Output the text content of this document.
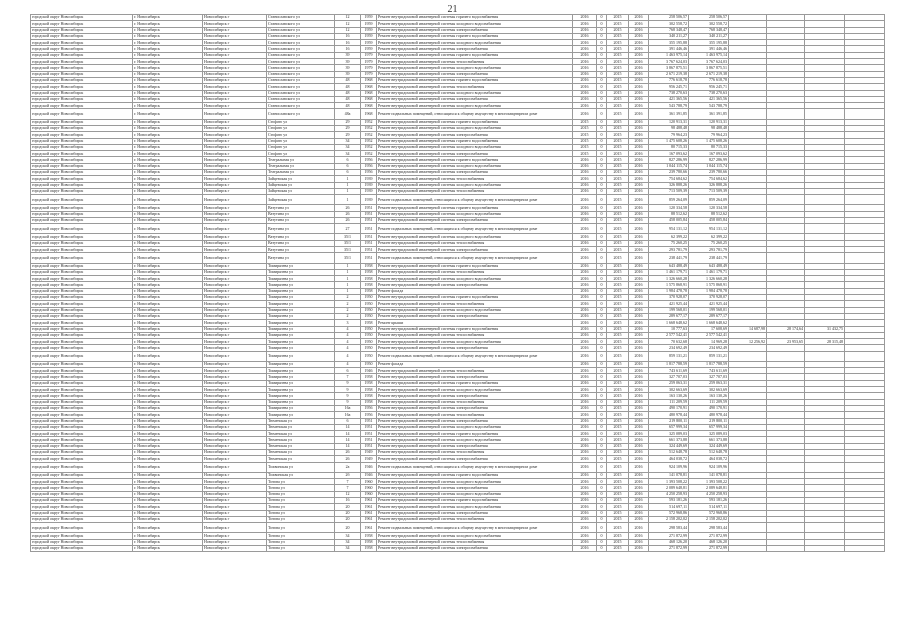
21
городской округ Новосибирск	г. Новосибирск	Новосибирск г	Станиславского ул	12	1959	Ремонт внутридомовой инженерной системы горячего водоснабжения	2016	0	2015	2016	258 506,57	258 506,57				
городской округ Новосибирск	г. Новосибирск	Новосибирск г	Станиславского ул	12	1959	Ремонт внутридомовой инженерной системы холодного водоснабжения	2016	0	2015	2016	302 558,72	302 558,72				
городской округ Новосибирск	г. Новосибирск	Новосибирск г	Станиславского ул	12	1959	Ремонт внутридомовой инженерной системы электроснабжения	2016	0	2015	2016	768 348,47	768 348,47				
городской округ Новосибирск	г. Новосибирск	Новосибирск г	Станиславского ул	16	1959	Ремонт внутридомовой инженерной системы горячего водоснабжения	2016	0	2015	2016	340 211,27	340 211,27				
городской округ Новосибирск	г. Новосибирск	Новосибирск г	Станиславского ул	16	1959	Ремонт внутридомовой инженерной системы холодного водоснабжения	2016	0	2015	2016	355 195,88	355 195,88				
городской округ Новосибирск	г. Новосибирск	Новосибирск г	Станиславского ул	16	1959	Ремонт внутридомовой инженерной системы электроснабжения	2016	0	2015	2016	391 446,46	391 446,46				
городской округ Новосибирск	г. Новосибирск	Новосибирск г	Станиславского ул	39	1979	Ремонт внутридомовой инженерной системы горячего водоснабжения	2016	0	2015	2016	1 463 975,14	1 463 975,14				
городской округ Новосибирск	г. Новосибирск	Новосибирск г	Станиславского ул	39	1979	Ремонт внутридомовой инженерной системы теплоснабжения	2016	0	2015	2016	3 767 624,03	3 767 624,03				
городской округ Новосибирск	г. Новосибирск	Новосибирск г	Станиславского ул	39	1979	Ремонт внутридомовой инженерной системы холодного водоснабжения	2016	0	2015	2016	3 867 875,51	3 867 875,51				
городской округ Новосибирск	г. Новосибирск	Новосибирск г	Станиславского ул	39	1979	Ремонт внутридомовой инженерной системы электроснабжения	2016	0	2015	2016	2 671 219,38	2 671 219,38				
городской округ Новосибирск	г. Новосибирск	Новосибирск г	Станиславского ул	48	1968	Ремонт внутридомовой инженерной системы горячего водоснабжения	2016	0	2015	2016	776 618,78	776 618,78				
городской округ Новосибирск	г. Новосибирск	Новосибирск г	Станиславского ул	48	1968	Ремонт внутридомовой инженерной системы теплоснабжения	2016	0	2015	2016	956 245,71	956 245,71				
городской округ Новосибирск	г. Новосибирск	Новосибирск г	Станиславского ул	48	1968	Ремонт внутридомовой инженерной системы холодного водоснабжения	2016	0	2015	2016	738 270,63	738 270,63				
городской округ Новосибирск	г. Новосибирск	Новосибирск г	Станиславского ул	48	1968	Ремонт внутридомовой инженерной системы электроснабжения	2016	0	2015	2016	421 365,56	421 365,56				
городской округ Новосибирск	г. Новосибирск	Новосибирск г	Станиславского ул	48	1968	Ремонт внутридомовой инженерной системы холодного водоснабжения	2016	0	2015	2016	543 788,79	543 788,79				
городской округ Новосибирск	г. Новосибирск	Новосибирск г	Станиславского ул	48а	1968	Ремонт подвальных помещений, относящихся к общему имуществу в многоквартирном доме	2016	0	2015	2016	361 391,85	361 391,85				
городской округ Новосибирск	г. Новосибирск	Новосибирск г	Стофато ул	29	1952	Ремонт внутридомовой инженерной системы горячего водоснабжения	2015	0	2015	2016	120 913,31	120 913,31				
городской округ Новосибирск	г. Новосибирск	Новосибирск г	Стофато ул	29	1952	Ремонт внутридомовой инженерной системы холодного водоснабжения	2015	0	2015	2016	98 488,48	98 488,48				
городской округ Новосибирск	г. Новосибирск	Новосибирск г	Стофато ул	29	1952	Ремонт внутридомовой инженерной системы электроснабжения	2015	0	2015	2016	79 964,23	79 964,23				
городской округ Новосибирск	г. Новосибирск	Новосибирск г	Стофато ул	34	1952	Ремонт внутридомовой инженерной системы горячего водоснабжения	2015	0	2015	2016	1 475 608,26	1 475 608,26				
городской округ Новосибирск	г. Новосибирск	Новосибирск г	Стофато ул	34	1952	Ремонт внутридомовой инженерной системы холодного водоснабжения	2015	0	2015	2016	80 715,33	80 715,33				
городской округ Новосибирск	г. Новосибирск	Новосибирск г	Стофато ул	34	1952	Ремонт внутридомовой инженерной системы электроснабжения	2015	0	2015	2016	167 093,62	167 093,62				
городской округ Новосибирск	г. Новосибирск	Новосибирск г	Театральная ул	6	1956	Ремонт внутридомовой инженерной системы горячего водоснабжения	2016	0	2015	2016	827 286,99	827 286,99				
городской округ Новосибирск	г. Новосибирск	Новосибирск г	Театральная ул	6	1956	Ремонт внутридомовой инженерной системы холодного водоснабжения	2016	0	2015	2016	1 044 115,74	1 044 115,74				
городской округ Новосибирск	г. Новосибирск	Новосибирск г	Театральная ул	6	1956	Ремонт внутридомовой инженерной системы электроснабжения	2016	0	2015	2016	239 780,66	239 780,66				
городской округ Новосибирск	г. Новосибирск	Новосибирск г	Зайцевская ул	1	1939	Ремонт внутридомовой инженерной системы теплоснабжения	2016	0	2015	2016	754 684,62	754 684,62				
городской округ Новосибирск	г. Новосибирск	Новосибирск г	Зайцевская ул	1	1939	Ремонт внутридомовой инженерной системы холодного водоснабжения	2016	0	2015	2016	326 888,26	326 888,26				
городской округ Новосибирск	г. Новосибирск	Новосибирск г	Зайцевская ул	1	1939	Ремонт внутридомовой инженерной системы теплоснабжения	2016	0	2015	2016	713 509,39	713 509,39				
городской округ Новосибирск	г. Новосибирск	Новосибирск г	Зайцевская ул	1	1939	Ремонт подвальных помещений, относящихся к общему имуществу в многоквартирном доме	2016	0	2015	2016	859 264,09	859 264,09				
городской округ Новосибирск	г. Новосибирск	Новосибирск г	Ватутина ул	26	1951	Ремонт внутридомовой инженерной системы горячего водоснабжения	2016	0	2015	2016	120 334,58	120 334,58				
городской округ Новосибирск	г. Новосибирск	Новосибирск г	Ватутина ул	26	1951	Ремонт внутридомовой инженерной системы холодного водоснабжения	2016	0	2015	2016	88 512,62	88 512,62				
городской округ Новосибирск	г. Новосибирск	Новосибирск г	Ватутина ул	26	1951	Ремонт внутридомовой инженерной системы электроснабжения	2016	0	2015	2016	458 005,84	458 005,84				
городской округ Новосибирск	г. Новосибирск	Новосибирск г	Ватутина ул	27	1951	Ремонт подвальных помещений, относящихся к общему имуществу в многоквартирном доме	2016	0	2015	2016	954 131,12	954 131,12				
городской округ Новосибирск	г. Новосибирск	Новосибирск г	Ватутина ул	35/1	1951	Ремонт внутридомовой инженерной системы холодного водоснабжения	2016	0	2015	2016	62 399,22	62 399,22				
городской округ Новосибирск	г. Новосибирск	Новосибирск г	Ватутина ул	35/1	1951	Ремонт внутридомовой инженерной системы теплоснабжения	2016	0	2015	2016	75 260,25	75 260,25				
городской округ Новосибирск	г. Новосибирск	Новосибирск г	Ватутина ул	35/1	1951	Ремонт внутридомовой инженерной системы электроснабжения	2016	0	2015	2016	293 781,79	293 781,79				
городской округ Новосибирск	г. Новосибирск	Новосибирск г	Ватутина ул	35/1	1951	Ремонт подвальных помещений, относящихся к общему имуществу в многоквартирном доме	2016	0	2015	2016	238 441,79	238 441,79				
городской округ Новосибирск	г. Новосибирск	Новосибирск г	Тимирязева ул	1	1958	Ремонт внутридомовой инженерной системы горячего водоснабжения	2016	0	2015	2016	643 488,49	643 488,49				
городской округ Новосибирск	г. Новосибирск	Новосибирск г	Тимирязева ул	1	1958	Ремонт внутридомовой инженерной системы теплоснабжения	2016	0	2015	2016	1 461 179,71	1 461 179,71				
городской округ Новосибирск	г. Новосибирск	Новосибирск г	Тимирязева ул	1	1958	Ремонт внутридомовой инженерной системы холодного водоснабжения	2016	0	2015	2016	1 326 660,28	1 326 660,28				
городской округ Новосибирск	г. Новосибирск	Новосибирск г	Тимирязева ул	1	1958	Ремонт внутридомовой инженерной системы электроснабжения	2016	0	2015	2016	1 575 868,91	1 575 868,91				
городской округ Новосибирск	г. Новосибирск	Новосибирск г	Тимирязева ул	1	1958	Ремонт фасада	2016	0	2015	2016	1 984 478,78	1 984 478,78				
городской округ Новосибирск	г. Новосибирск	Новосибирск г	Тимирязева ул	2	1950	Ремонт внутридомовой инженерной системы горячего водоснабжения	2016	0	2015	2016	370 928,07	370 928,07				
городской округ Новосибирск	г. Новосибирск	Новосибирск г	Тимирязева ул	2	1950	Ремонт внутридомовой инженерной системы теплоснабжения	2016	0	2015	2016	421 925,44	421 925,44				
городской округ Новосибирск	г. Новосибирск	Новосибирск г	Тимирязева ул	2	1950	Ремонт внутридомовой инженерной системы холодного водоснабжения	2016	0	2015	2016	199 568,01	199 568,01				
городской округ Новосибирск	г. Новосибирск	Новосибирск г	Тимирязева ул	2	1950	Ремонт внутридомовой инженерной системы электроснабжения	2016	0	2015	2016	289 677,17	289 677,17				
городской округ Новосибирск	г. Новосибирск	Новосибирск г	Тимирязева ул	3	1958	Ремонт крыши	2016	0	2015	2016	1 668 648,62	1 668 648,62				
городской округ Новосибирск	г. Новосибирск	Новосибирск г	Тимирязева ул	4	1950	Ремонт внутридомовой инженерной системы горячего водоснабжения	2016	0	2015	2016	10 777,63	17 608,69	14 687,98	28 174,64	31 432,75	
городской округ Новосибирск	г. Новосибирск	Новосибирск г	Тимирязева ул	4	1950	Ремонт внутридомовой инженерной системы теплоснабжения	2016	0	2015	2016	2 577 542,41	2 577 542,41				
городской округ Новосибирск	г. Новосибирск	Новосибирск г	Тимирязева ул	4	1950	Ремонт внутридомовой инженерной системы холодного водоснабжения	2016	0	2015	2016	70 632,68	14 969,28	12 256,92	23 953,65	28 315,48	
городской округ Новосибирск	г. Новосибирск	Новосибирск г	Тимирязева ул	4	1950	Ремонт внутридомовой инженерной системы электроснабжения	2016	0	2015	2016	234 692,49	234 692,49				
городской округ Новосибирск	г. Новосибирск	Новосибирск г	Тимирязева ул	4	1950	Ремонт подвальных помещений, относящихся к общему имуществу в многоквартирном доме	2016	0	2015	2016	859 131,21	859 131,21				
городской округ Новосибирск	г. Новосибирск	Новосибирск г	Тимирязева ул	4	1950	Ремонт фасада	2016	0	2015	2016	1 817 788,59	1 817 788,59				
городской округ Новосибирск	г. Новосибирск	Новосибирск г	Тимирязева ул	6	1946	Ремонт внутридомовой инженерной системы теплоснабжения	2016	0	2015	2016	743 611,69	743 611,69				
городской округ Новосибирск	г. Новосибирск	Новосибирск г	Тимирязева ул	7	1958	Ремонт внутридомовой инженерной системы электроснабжения	2016	0	2015	2016	327 707,03	327 707,03				
городской округ Новосибирск	г. Новосибирск	Новосибирск г	Тимирязева ул	9	1958	Ремонт внутридомовой инженерной системы горячего водоснабжения	2016	0	2015	2016	259 063,31	259 063,31				
городской округ Новосибирск	г. Новосибирск	Новосибирск г	Тимирязева ул	9	1958	Ремонт внутридомовой инженерной системы холодного водоснабжения	2016	0	2015	2016	302 663,69	302 663,69				
городской округ Новосибирск	г. Новосибирск	Новосибирск г	Тимирязева ул	9	1958	Ремонт внутридомовой инженерной системы электроснабжения	2016	0	2015	2016	163 130,26	163 130,26				
городской округ Новосибирск	г. Новосибирск	Новосибирск г	Тимирязева ул	9	1958	Ремонт внутридомовой инженерной системы теплоснабжения	2016	0	2015	2016	111 209,59	111 209,59				
городской округ Новосибирск	г. Новосибирск	Новосибирск г	Тимирязева ул	16а	1956	Ремонт внутридомовой инженерной системы электроснабжения	2016	0	2015	2016	490 170,91	490 170,91				
городской округ Новосибирск	г. Новосибирск	Новосибирск г	Тимирязева ул	16а	1956	Ремонт внутридомовой инженерной системы теплоснабжения	2016	0	2015	2016	480 978,44	480 978,44				
городской округ Новосибирск	г. Новосибирск	Новосибирск г	Тюменская ул	6	1951	Ремонт внутридомовой инженерной системы электроснабжения	2016	0	2015	2016	219 800,11	219 800,11				
городской округ Новосибирск	г. Новосибирск	Новосибирск г	Тюменская ул	14	1951	Ремонт внутридомовой инженерной системы холодного водоснабжения	2016	0	2015	2016	657 999,34	657 999,34				
городской округ Новосибирск	г. Новосибирск	Новосибирск г	Тюменская ул	14	1951	Ремонт внутридомовой инженерной системы горячего водоснабжения	2016	0	2015	2016	325 089,03	325 089,03				
городской округ Новосибирск	г. Новосибирск	Новосибирск г	Тюменская ул	14	1951	Ремонт внутридомовой инженерной системы холодного водоснабжения	2016	0	2015	2016	661 373,88	661 373,88				
городской округ Новосибирск	г. Новосибирск	Новосибирск г	Тюменская ул	14	1951	Ремонт внутридомовой инженерной системы электроснабжения	2016	0	2015	2016	324 449,69	324 449,69				
городской округ Новосибирск	г. Новосибирск	Новосибирск г	Тюменская ул	26	1949	Ремонт внутридомовой инженерной системы теплоснабжения	2016	0	2015	2016	512 648,78	512 648,78				
городской округ Новосибирск	г. Новосибирск	Новосибирск г	Тюменская ул	26	1949	Ремонт внутридомовой инженерной системы электроснабжения	2016	0	2015	2016	464 038,72	464 038,72				
городской округ Новосибирск	г. Новосибирск	Новосибирск г	Тихвинская ул	2а	1946	Ремонт подвальных помещений, относящихся к общему имуществу в многоквартирном доме	2016	0	2015	2016	924 109,96	924 109,96				
городской округ Новосибирск	г. Новосибирск	Новосибирск г	Тихвинская ул	2б	1946	Ремонт внутридомовой инженерной системы горячего водоснабжения	2016	0	2015	2016	141 078,81	141 078,81				
городской округ Новосибирск	г. Новосибирск	Новосибирск г	Титова ул	7	1960	Ремонт внутридомовой инженерной системы холодного водоснабжения	2016	0	2015	2016	1 393 508,22	1 393 508,22				
городской округ Новосибирск	г. Новосибирск	Новосибирск г	Титова ул	7	1960	Ремонт внутридомовой инженерной системы электроснабжения	2016	0	2015	2016	2 089 648,81	2 089 648,81				
городской округ Новосибирск	г. Новосибирск	Новосибирск г	Титова ул	12	1960	Ремонт внутридомовой инженерной системы холодного водоснабжения	2016	0	2015	2016	4 250 258,93	4 250 258,93				
городской округ Новосибирск	г. Новосибирск	Новосибирск г	Титова ул	16	1961	Ремонт внутридомовой инженерной системы горячего водоснабжения	2016	0	2015	2016	593 181,26	593 181,26				
городской округ Новосибирск	г. Новосибирск	Новосибирск г	Титова ул	20	1961	Ремонт внутридомовой инженерной системы холодного водоснабжения	2016	0	2015	2016	514 697,11	514 697,11				
городской округ Новосибирск	г. Новосибирск	Новосибирск г	Титова ул	20	1961	Ремонт внутридомовой инженерной системы электроснабжения	2016	0	2015	2016	572 968,86	572 968,86				
городской округ Новосибирск	г. Новосибирск	Новосибирск г	Титова ул	20	1961	Ремонт внутридомовой инженерной системы теплоснабжения	2016	0	2015	2016	2 158 202,02	2 158 202,02				
городской округ Новосибирск	г. Новосибирск	Новосибирск г	Титова ул	20	1961	Ремонт подвальных помещений, относящихся к общему имуществу в многоквартирном доме	2016	0	2015	2016	298 583,44	298 583,44				
городской округ Новосибирск	г. Новосибирск	Новосибирск г	Титова ул	34	1958	Ремонт внутридомовой инженерной системы холодного водоснабжения	2016	0	2015	2016	271 872,99	271 872,99				
городской округ Новосибирск	г. Новосибирск	Новосибирск г	Титова ул	34	1958	Ремонт внутридомовой инженерной системы теплоснабжения	2016	0	2015	2016	468 126,20	468 126,20				
городской округ Новосибирск	г. Новосибирск	Новосибирск г	Титова ул	34	1958	Ремонт внутридомовой инженерной системы электроснабжения	2016	0	2015	2016	271 872,99	271 872,99				
